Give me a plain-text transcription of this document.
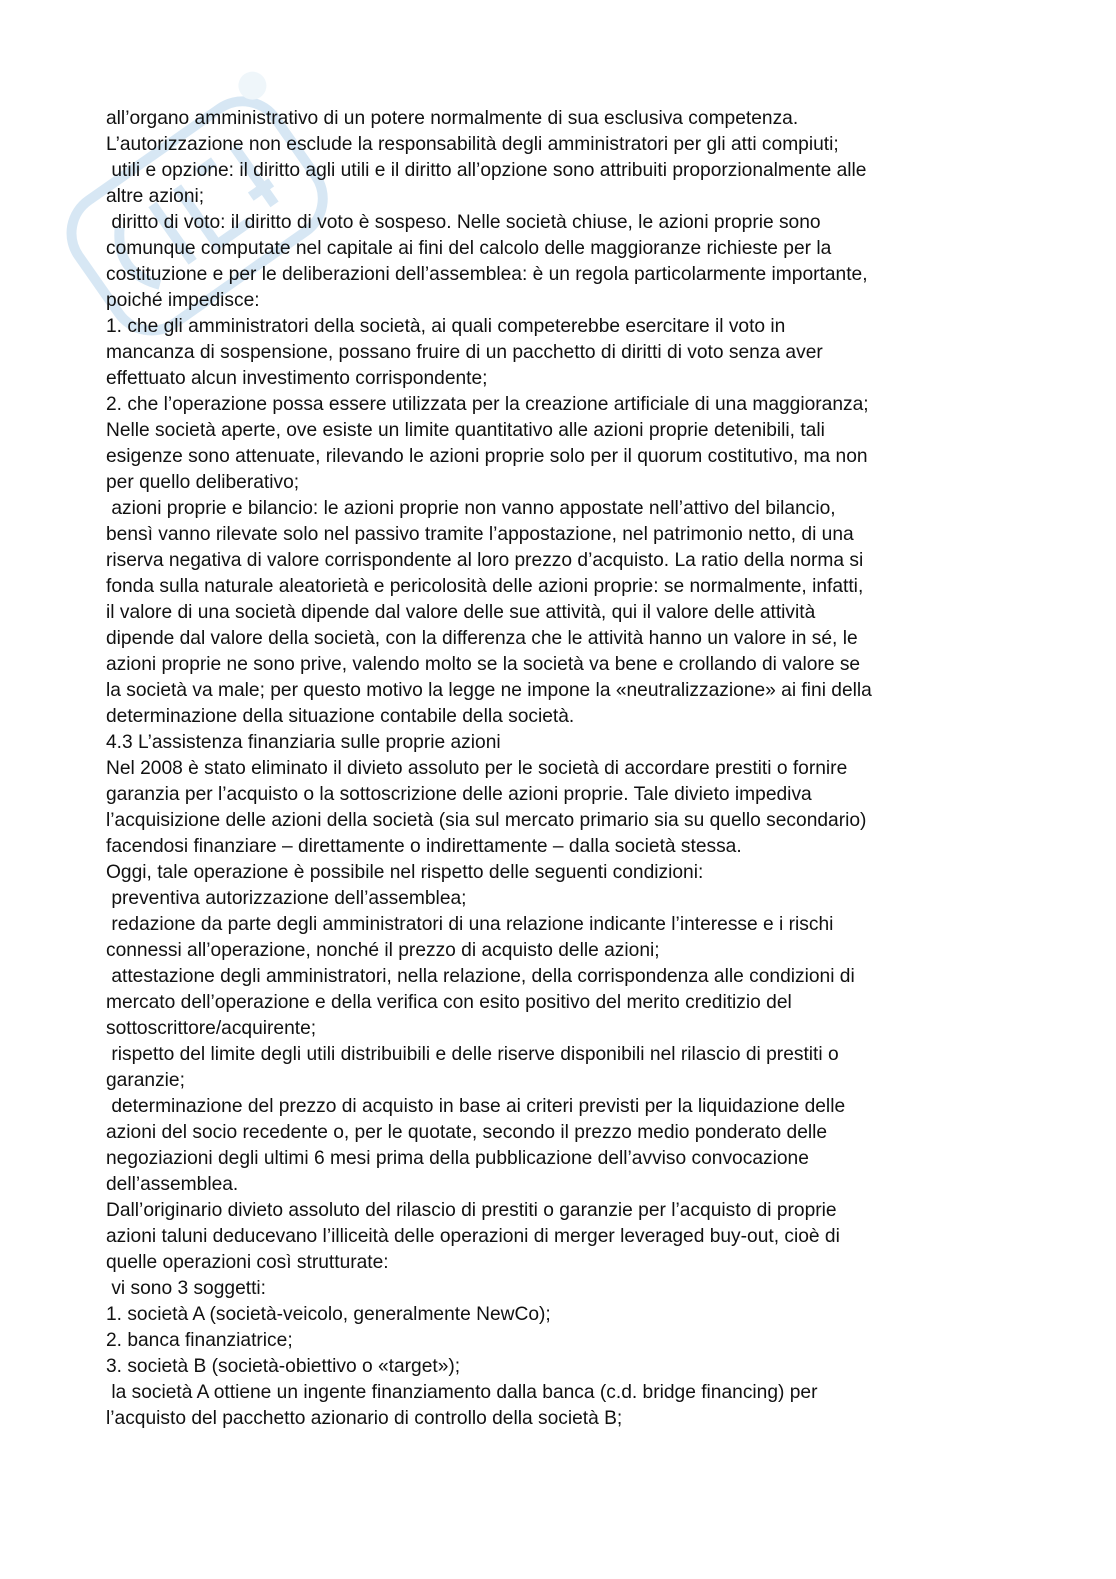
all’organo amministrativo di un potere normalmente di sua esclusiva competenza.
L’autorizzazione non esclude la responsabilità degli amministratori per gli atti compiuti;
utili e opzione: il diritto agli utili e il diritto all’opzione sono attribuiti proporzionalmente alle
altre azioni;
diritto di voto: il diritto di voto è sospeso. Nelle società chiuse, le azioni proprie sono
comunque computate nel capitale ai fini del calcolo delle maggioranze richieste per la
costituzione e per le deliberazioni dell’assemblea: è un regola particolarmente importante,
poiché impedisce:
1. che gli amministratori della società, ai quali competerebbe esercitare il voto in
mancanza di sospensione, possano fruire di un pacchetto di diritti di voto senza aver
effettuato alcun investimento corrispondente;
2. che l’operazione possa essere utilizzata per la creazione artificiale di una maggioranza;
Nelle società aperte, ove esiste un limite quantitativo alle azioni proprie detenibili, tali
esigenze sono attenuate, rilevando le azioni proprie solo per il quorum costitutivo, ma non
per quello deliberativo;
azioni proprie e bilancio: le azioni proprie non vanno appostate nell’attivo del bilancio,
bensì vanno rilevate solo nel passivo tramite l’appostazione, nel patrimonio netto, di una
riserva negativa di valore corrispondente al loro prezzo d’acquisto. La ratio della norma si
fonda sulla naturale aleatorietà e pericolosità delle azioni proprie: se normalmente, infatti,
il valore di una società dipende dal valore delle sue attività, qui il valore delle attività
dipende dal valore della società, con la differenza che le attività hanno un valore in sé, le
azioni proprie ne sono prive, valendo molto se la società va bene e crollando di valore se
la società va male; per questo motivo la legge ne impone la «neutralizzazione» ai fini della
determinazione della situazione contabile della società.
4.3 L’assistenza finanziaria sulle proprie azioni
Nel 2008 è stato eliminato il divieto assoluto per le società di accordare prestiti o fornire
garanzia per l’acquisto o la sottoscrizione delle azioni proprie. Tale divieto impediva
l’acquisizione delle azioni della società (sia sul mercato primario sia su quello secondario)
facendosi finanziare – direttamente o indirettamente – dalla società stessa.
Oggi, tale operazione è possibile nel rispetto delle seguenti condizioni:
preventiva autorizzazione dell’assemblea;
redazione da parte degli amministratori di una relazione indicante l’interesse e i rischi
connessi all’operazione, nonché il prezzo di acquisto delle azioni;
attestazione degli amministratori, nella relazione, della corrispondenza alle condizioni di
mercato dell’operazione e della verifica con esito positivo del merito creditizio del
sottoscrittore/acquirente;
rispetto del limite degli utili distribuibili e delle riserve disponibili nel rilascio di prestiti o
garanzie;
determinazione del prezzo di acquisto in base ai criteri previsti per la liquidazione delle
azioni del socio recedente o, per le quotate, secondo il prezzo medio ponderato delle
negoziazioni degli ultimi 6 mesi prima della pubblicazione dell’avviso convocazione
dell’assemblea.
Dall’originario divieto assoluto del rilascio di prestiti o garanzie per l’acquisto di proprie
azioni taluni deducevano l’illiceità delle operazioni di merger leveraged buy-out, cioè di
quelle operazioni così strutturate:
vi sono 3 soggetti:
1. società A (società-veicolo, generalmente NewCo);
2. banca finanziatrice;
3. società B (società-obiettivo o «target»);
la società A ottiene un ingente finanziamento dalla banca (c.d. bridge financing) per
l’acquisto del pacchetto azionario di controllo della società B;
